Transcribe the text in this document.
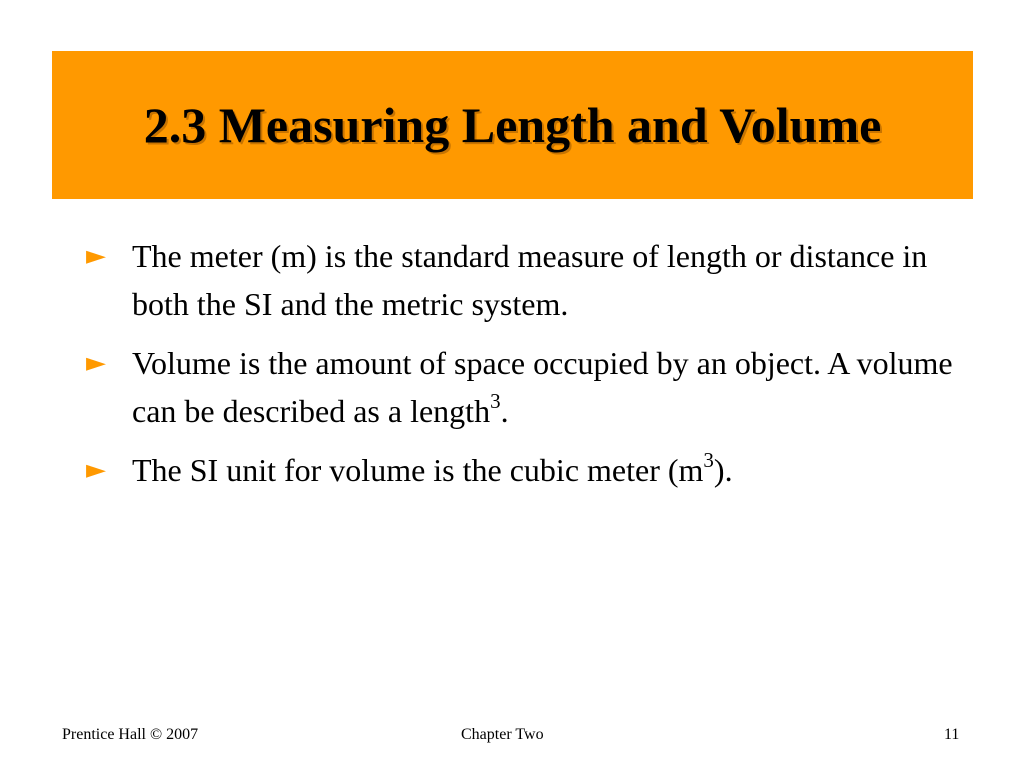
2.3 Measuring Length and Volume
► The meter (m) is the standard measure of length or distance in both the SI and the metric system.
► Volume is the amount of space occupied by an object. A volume can be described as a length$^3$.
► The SI unit for volume is the cubic meter $(m^3)$.
Prentice Hall © 2007	Chapter Two	11
